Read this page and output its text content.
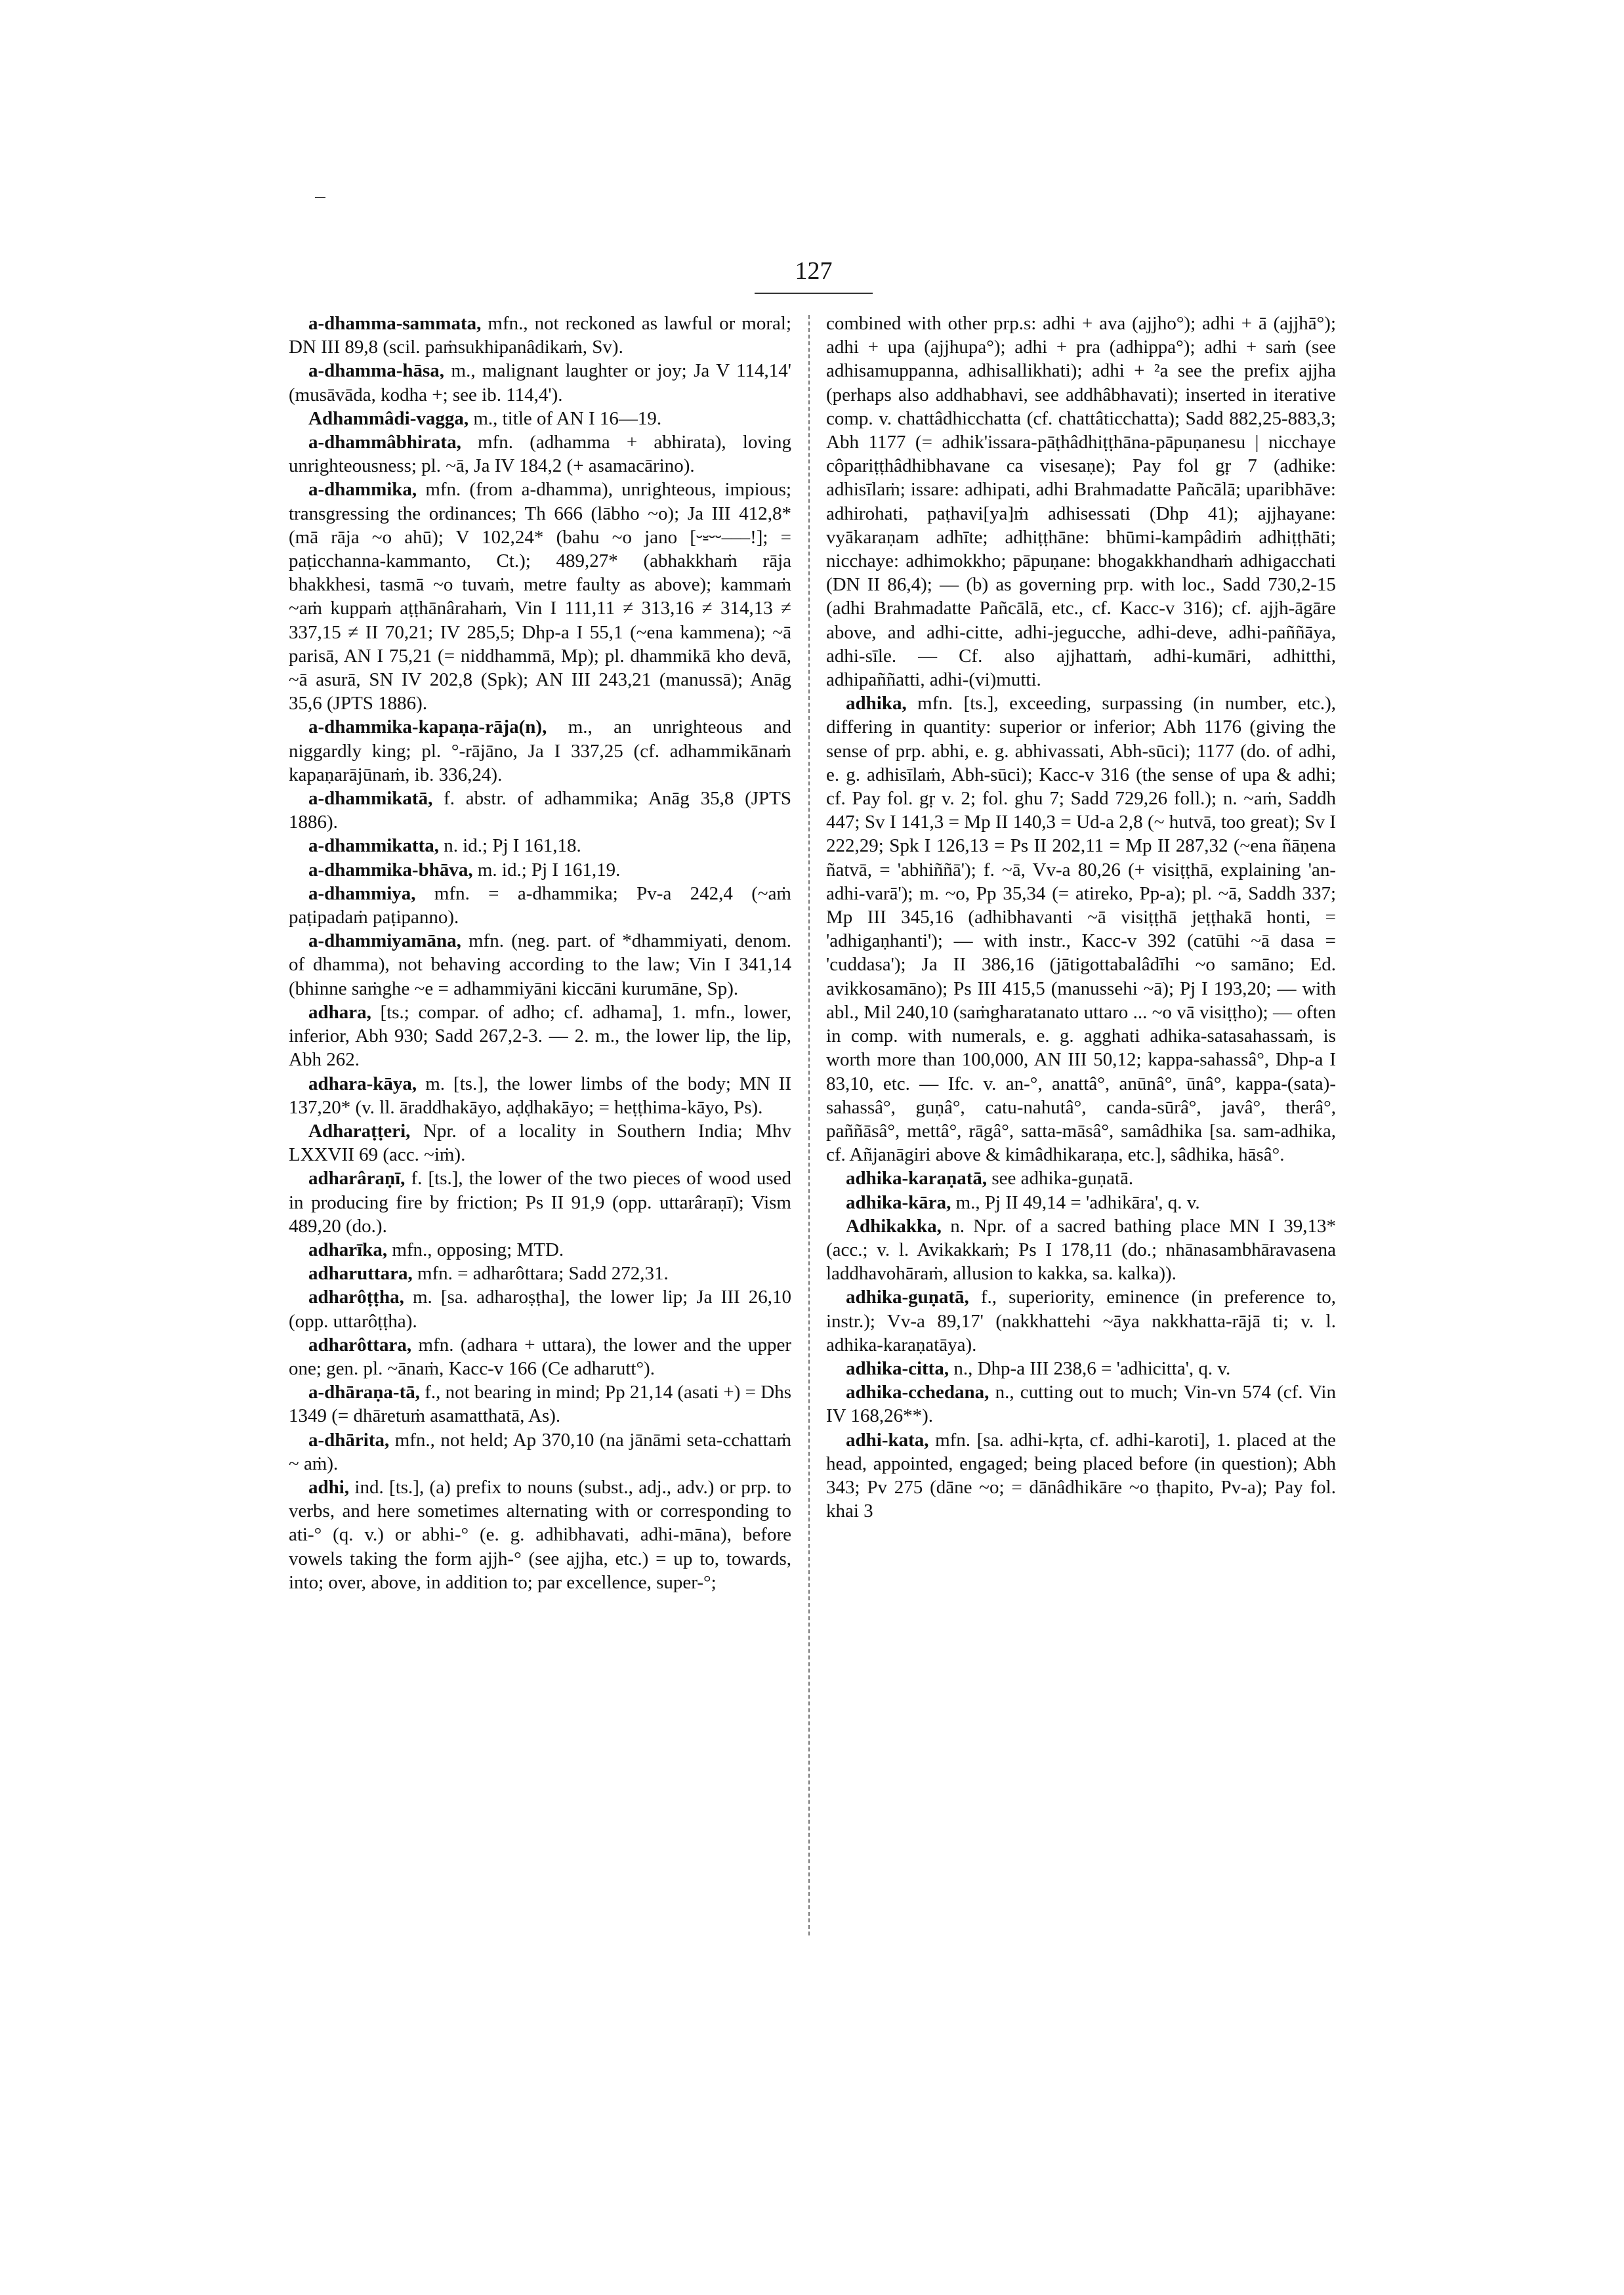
127

a-dhamma-sammata, mfn., not reckoned as lawful or moral; DN III 89,8 (scil. paṁsukhipanâdikaṁ, Sv).

a-dhamma-hāsa, m., malignant laughter or joy; Ja V 114,14' (musāvāda, kodha +; see ib. 114,4').

Adhammâdi-vagga, m., title of AN I 16—19.

a-dhammâbhirata, mfn. (adhamma + abhirata), loving unrighteousness; pl. ~ā, Ja IV 184,2 (+ asamacārino).

a-dhammika, mfn. (from a-dhamma), unrighteous, impious; transgressing the ordinances; Th 666 (lābho ~o); Ja III 412,8* (mā rāja ~o ahū); V 102,24* (bahu ~o jano [⏑⏓⏑⏑–––!]; = paṭicchanna-kammanto, Ct.); 489,27* (abhakkhaṁ rāja bhakkhesi, tasmā ~o tuvaṁ, metre faulty as above); kammaṁ ~aṁ kuppaṁ aṭṭhānârahaṁ, Vin I 111,11 ≠ 313,16 ≠ 314,13 ≠ 337,15 ≠ II 70,21; IV 285,5; Dhp-a I 55,1 (~ena kammena); ~ā parisā, AN I 75,21 (= niddhammā, Mp); pl. dhammikā kho devā, ~ā asurā, SN IV 202,8 (Spk); AN III 243,21 (manussā); Anāg 35,6 (JPTS 1886).

a-dhammika-kapaṇa-rāja(n), m., an unrighteous and niggardly king; pl. °-rājāno, Ja I 337,25 (cf. adhammikānaṁ kapaṇarājūnaṁ, ib. 336,24).

a-dhammikatā, f. abstr. of adhammika; Anāg 35,8 (JPTS 1886).

a-dhammikatta, n. id.; Pj I 161,18.

a-dhammika-bhāva, m. id.; Pj I 161,19.

a-dhammiya, mfn. = a-dhammika; Pv-a 242,4 (~aṁ paṭipadaṁ paṭipanno).

a-dhammiyamāna, mfn. (neg. part. of *dhammiyati, denom. of dhamma), not behaving according to the law; Vin I 341,14 (bhinne saṁghe ~e = adhammiyāni kiccāni kurumāne, Sp).

adhara, [ts.; compar. of adho; cf. adhama], 1. mfn., lower, inferior, Abh 930; Sadd 267,2-3. — 2. m., the lower lip, the lip, Abh 262.

adhara-kāya, m. [ts.], the lower limbs of the body; MN II 137,20* (v. ll. āraddhakāyo, aḍḍhakāyo; = heṭṭhima-kāyo, Ps).

Adharaṭṭeri, Npr. of a locality in Southern India; Mhv LXXVII 69 (acc. ~iṁ).

adharâraṇī, f. [ts.], the lower of the two pieces of wood used in producing fire by friction; Ps II 91,9 (opp. uttarâraṇī); Vism 489,20 (do.).

adharīka, mfn., opposing; MTD.

adharuttara, mfn. = adharôttara; Sadd 272,31.

adharôṭṭha, m. [sa. adharoṣṭha], the lower lip; Ja III 26,10 (opp. uttarôṭṭha).

adharôttara, mfn. (adhara + uttara), the lower and the upper one; gen. pl. ~ānaṁ, Kacc-v 166 (Ce adharutt°).

a-dhāraṇa-tā, f., not bearing in mind; Pp 21,14 (asati +) = Dhs 1349 (= dhāretuṁ asamatthatā, As).

a-dhārita, mfn., not held; Ap 370,10 (na jānāmi seta-cchattaṁ ~ aṁ).

adhi, ind. [ts.], (a) prefix to nouns (subst., adj., adv.) or prp. to verbs, and here sometimes alternating with or corresponding to ati-° (q. v.) or abhi-° (e. g. adhibhavati, adhi-māna), before vowels taking the form ajjh-° (see ajjha, etc.) = up to, towards, into; over, above, in addition to; par excellence, super-°;

combined with other prp.s: adhi + ava (ajjho°); adhi + ā (ajjhā°); adhi + upa (ajjhupa°); adhi + pra (adhippa°); adhi + saṁ (see adhisamuppanna, adhisallikhati); adhi + ²a see the prefix ajjha (perhaps also addhabhavi, see addhâbhavati); inserted in iterative comp. v. chattâdhicchatta (cf. chattâticchatta); Sadd 882,25-883,3; Abh 1177 (= adhik'issara-pāṭhâdhiṭṭhāna-pāpuṇanesu | nicchaye côpariṭṭhâdhibhavane ca visesaṇe); Pay fol gṛ 7 (adhike: adhisīlaṁ; issare: adhipati, adhi Brahmadatte Pañcālā; uparibhāve: adhirohati, paṭhavi[ya]ṁ adhisessati (Dhp 41); ajjhayane: vyākaraṇam adhīte; adhiṭṭhāne: bhūmi-kampâdiṁ adhiṭṭhāti; nicchaye: adhimokkho; pāpuṇane: bhogakkhandhaṁ adhigacchati (DN II 86,4); — (b) as governing prp. with loc., Sadd 730,2-15 (adhi Brahmadatte Pañcālā, etc., cf. Kacc-v 316); cf. ajjh-āgāre above, and adhi-citte, adhi-jegucche, adhi-deve, adhi-paññāya, adhi-sīle. — Cf. also ajjhattaṁ, adhi-kumāri, adhitthi, adhipaññatti, adhi-(vi)mutti.

adhika, mfn. [ts.], exceeding, surpassing (in number, etc.), differing in quantity: superior or inferior; Abh 1176 (giving the sense of prp. abhi, e. g. abhivassati, Abh-sūci); 1177 (do. of adhi, e. g. adhisīlaṁ, Abh-sūci); Kacc-v 316 (the sense of upa & adhi; cf. Pay fol. gṛ v. 2; fol. ghu 7; Sadd 729,26 foll.); n. ~aṁ, Saddh 447; Sv I 141,3 = Mp II 140,3 = Ud-a 2,8 (~ hutvā, too great); Sv I 222,29; Spk I 126,13 = Ps II 202,11 = Mp II 287,32 (~ena ñāṇena ñatvā, = 'abhiññā'); f. ~ā, Vv-a 80,26 (+ visiṭṭhā, explaining 'an-adhi-varā'); m. ~o, Pp 35,34 (= atireko, Pp-a); pl. ~ā, Saddh 337; Mp III 345,16 (adhibhavanti ~ā visiṭṭhā jeṭṭhakā honti, = 'adhigaṇhanti'); — with instr., Kacc-v 392 (catūhi ~ā dasa = 'cuddasa'); Ja II 386,16 (jātigottabalâdīhi ~o samāno; Ed. avikkosamāno); Ps III 415,5 (manussehi ~ā); Pj I 193,20; — with abl., Mil 240,10 (saṁgharatanato uttaro ... ~o vā visiṭṭho); — often in comp. with numerals, e. g. agghati adhika-satasahassaṁ, is worth more than 100,000, AN III 50,12; kappa-sahassâ°, Dhp-a I 83,10, etc. — Ifc. v. an-°, anattâ°, anūnâ°, ūnâ°, kappa-(sata)-sahassâ°, guṇâ°, catu-nahutâ°, canda-sūrâ°, javâ°, therâ°, paññāsâ°, mettâ°, rāgâ°, satta-māsâ°, samâdhika [sa. sam-adhika, cf. Añjanāgiri above & kimâdhikaraṇa, etc.], sâdhika, hāsâ°.

adhika-karaṇatā, see adhika-guṇatā.

adhika-kāra, m., Pj II 49,14 = 'adhikāra', q. v.

Adhikakka, n. Npr. of a sacred bathing place MN I 39,13* (acc.; v. l. Avikakkaṁ; Ps I 178,11 (do.; nhānasambhāravasena laddhavohāraṁ, allusion to kakka, sa. kalka)).

adhika-guṇatā, f., superiority, eminence (in preference to, instr.); Vv-a 89,17' (nakkhattehi ~āya nakkhatta-rājā ti; v. l. adhika-karaṇatāya).

adhika-citta, n., Dhp-a III 238,6 = 'adhicitta', q. v.

adhika-cchedana, n., cutting out to much; Vin-vn 574 (cf. Vin IV 168,26**).

adhi-kata, mfn. [sa. adhi-kṛta, cf. adhi-karoti], 1. placed at the head, appointed, engaged; being placed before (in question); Abh 343; Pv 275 (dāne ~o; = dānâdhikāre ~o ṭhapito, Pv-a); Pay fol. khai 3
